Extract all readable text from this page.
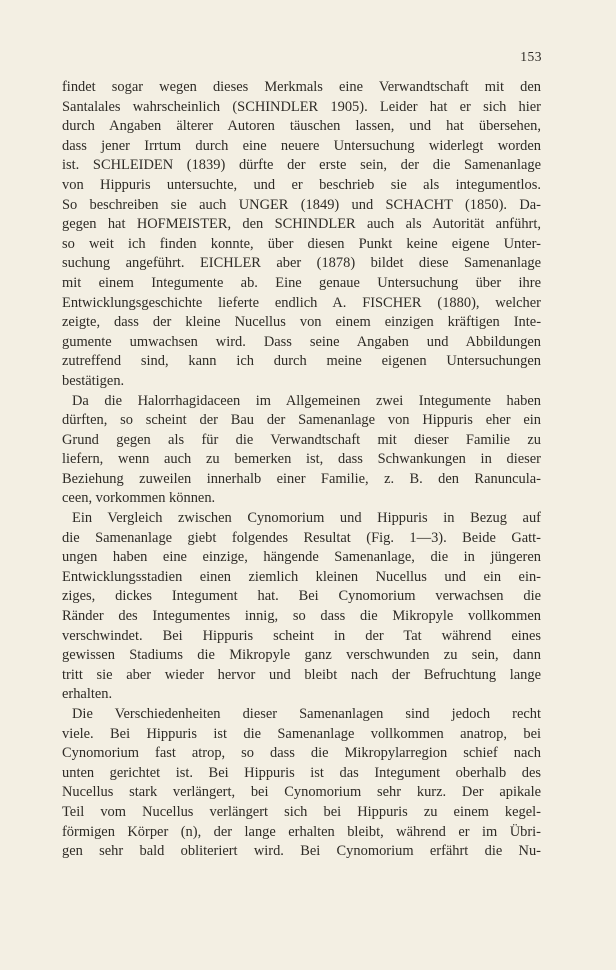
153
findet sogar wegen dieses Merkmals eine Verwandtschaft mit den
Santalales wahrscheinlich (SCHINDLER 1905). Leider hat er sich hier
durch Angaben älterer Autoren täuschen lassen, und hat übersehen,
dass jener Irrtum durch eine neuere Untersuchung widerlegt worden
ist. SCHLEIDEN (1839) dürfte der erste sein, der die Samenanlage
von Hippuris untersuchte, und er beschrieb sie als integumentlos.
So beschreiben sie auch UNGER (1849) und SCHACHT (1850). Da-
gegen hat HOFMEISTER, den SCHINDLER auch als Autorität anführt,
so weit ich finden konnte, über diesen Punkt keine eigene Unter-
suchung angeführt. EICHLER aber (1878) bildet diese Samenanlage
mit einem Integumente ab. Eine genaue Untersuchung über ihre
Entwicklungsgeschichte lieferte endlich A. FISCHER (1880), welcher
zeigte, dass der kleine Nucellus von einem einzigen kräftigen Inte-
gumente umwachsen wird. Dass seine Angaben und Abbildungen
zutreffend sind, kann ich durch meine eigenen Untersuchungen
bestätigen.
Da die Halorrhagidaceen im Allgemeinen zwei Integumente haben
dürften, so scheint der Bau der Samenanlage von Hippuris eher ein
Grund gegen als für die Verwandtschaft mit dieser Familie zu
liefern, wenn auch zu bemerken ist, dass Schwankungen in dieser
Beziehung zuweilen innerhalb einer Familie, z. B. den Ranuncula-
ceen, vorkommen können.
Ein Vergleich zwischen Cynomorium und Hippuris in Bezug auf
die Samenanlage giebt folgendes Resultat (Fig. 1—3). Beide Gatt-
ungen haben eine einzige, hängende Samenanlage, die in jüngeren
Entwicklungsstadien einen ziemlich kleinen Nucellus und ein ein-
ziges, dickes Integument hat. Bei Cynomorium verwachsen die
Ränder des Integumentes innig, so dass die Mikropyle vollkommen
verschwindet. Bei Hippuris scheint in der Tat während eines
gewissen Stadiums die Mikropyle ganz verschwunden zu sein, dann
tritt sie aber wieder hervor und bleibt nach der Befruchtung lange
erhalten.
Die Verschiedenheiten dieser Samenanlagen sind jedoch recht
viele. Bei Hippuris ist die Samenanlage vollkommen anatrop, bei
Cynomorium fast atrop, so dass die Mikropylarregion schief nach
unten gerichtet ist. Bei Hippuris ist das Integument oberhalb des
Nucellus stark verlängert, bei Cynomorium sehr kurz. Der apikale
Teil vom Nucellus verlängert sich bei Hippuris zu einem kegel-
förmigen Körper (n), der lange erhalten bleibt, während er im Übri-
gen sehr bald obliteriert wird. Bei Cynomorium erfährt die Nu-
